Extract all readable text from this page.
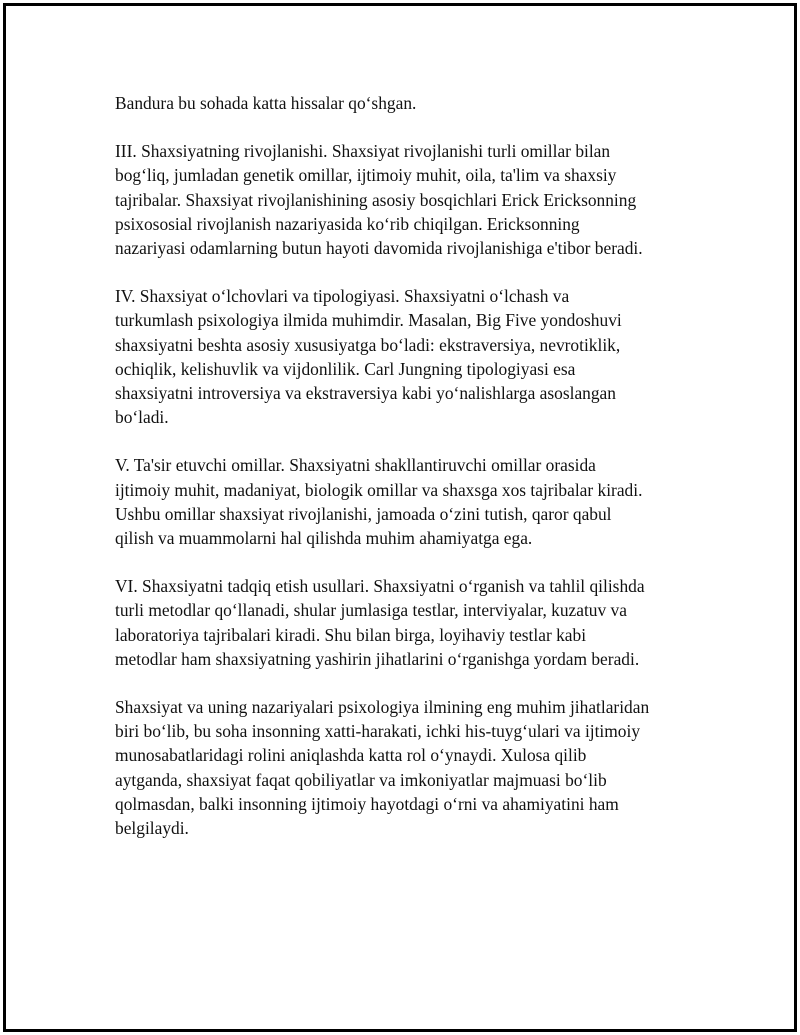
Bandura bu sohada katta hissalar qo‘shgan.

III. Shaxsiyatning rivojlanishi. Shaxsiyat rivojlanishi turli omillar bilan
bog‘liq, jumladan genetik omillar, ijtimoiy muhit, oila, ta'lim va shaxsiy
tajribalar. Shaxsiyat rivojlanishining asosiy bosqichlari Erick Ericksonning
psixososial rivojlanish nazariyasida ko‘rib chiqilgan. Ericksonning
nazariyasi odamlarning butun hayoti davomida rivojlanishiga e'tibor beradi.

IV. Shaxsiyat o‘lchovlari va tipologiyasi. Shaxsiyatni o‘lchash va
turkumlash psixologiya ilmida muhimdir. Masalan, Big Five yondoshuvi
shaxsiyatni beshta asosiy xususiyatga bo‘ladi: ekstraversiya, nevrotiklik,
ochiqlik, kelishuvlik va vijdonlilik. Carl Jungning tipologiyasi esa
shaxsiyatni introversiya va ekstraversiya kabi yo‘nalishlarga asoslangan
bo‘ladi.

V. Ta'sir etuvchi omillar. Shaxsiyatni shakllantiruvchi omillar orasida
ijtimoiy muhit, madaniyat, biologik omillar va shaxsga xos tajribalar kiradi.
Ushbu omillar shaxsiyat rivojlanishi, jamoada o‘zini tutish, qaror qabul
qilish va muammolarni hal qilishda muhim ahamiyatga ega.

VI. Shaxsiyatni tadqiq etish usullari. Shaxsiyatni o‘rganish va tahlil qilishda
turli metodlar qo‘llanadi, shular jumlasiga testlar, interviyalar, kuzatuv va
laboratoriya tajribalari kiradi. Shu bilan birga, loyihaviy testlar kabi
metodlar ham shaxsiyatning yashirin jihatlarini o‘rganishga yordam beradi.

Shaxsiyat va uning nazariyalari psixologiya ilmining eng muhim jihatlaridan
biri bo‘lib, bu soha insonning xatti-harakati, ichki his-tuyg‘ulari va ijtimoiy
munosabatlaridagi rolini aniqlashda katta rol o‘ynaydi. Xulosa qilib
aytganda, shaxsiyat faqat qobiliyatlar va imkoniyatlar majmuasi bo‘lib
qolmasdan, balki insonning ijtimoiy hayotdagi o‘rni va ahamiyatini ham
belgilaydi.
